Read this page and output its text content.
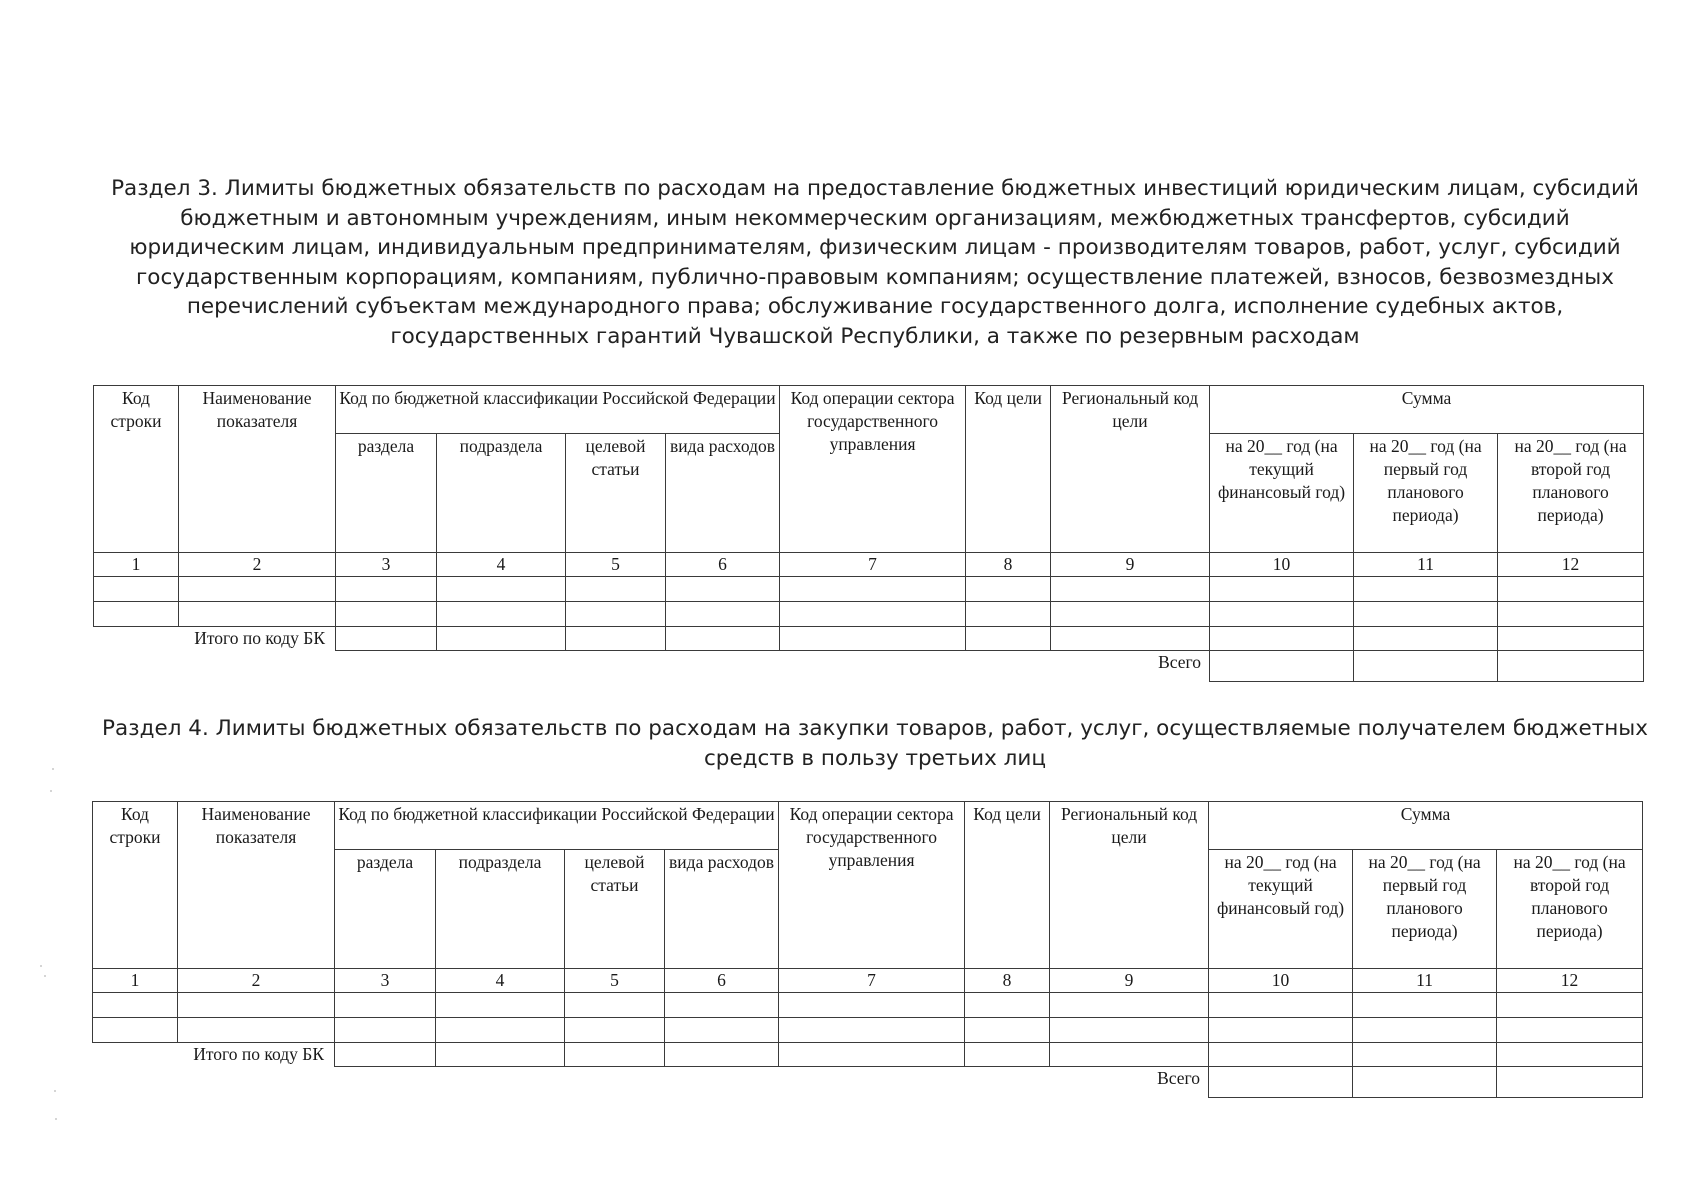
Раздел 3. Лимиты бюджетных обязательств по расходам на предоставление бюджетных инвестиций юридическим лицам, субсидий бюджетным и автономным учреждениям, иным некоммерческим организациям, межбюджетных трансфертов, субсидий юридическим лицам, индивидуальным предпринимателям, физическим лицам - производителям товаров, работ, услуг, субсидий государственным корпорациям, компаниям, публично-правовым компаниям; осуществление платежей, взносов, безвозмездных перечислений субъектам международного права; обслуживание государственного долга, исполнение судебных актов, государственных гарантий Чувашской Республики, а также по резервным расходам
Код строки	Наименование показателя	Код по бюджетной классификации Российской Федерации				Код операции сектора государственного управления	Код цели	Региональный код цели	Сумма		
		раздела	подраздела	целевой статьи	вида расходов				на 20__ год (на текущий финансовый год)	на 20__ год (на первый год планового периода)	на 20__ год (на второй год планового периода)
1	2	3	4	5	6	7	8	9	10	11	12

Итого по коду БК											
Всего											
Раздел 4. Лимиты бюджетных обязательств по расходам на закупки товаров, работ, услуг, осуществляемые получателем бюджетных средств в пользу третьих лиц
Код строки	Наименование показателя	Код по бюджетной классификации Российской Федерации				Код операции сектора государственного управления	Код цели	Региональный код цели	Сумма		
		раздела	подраздела	целевой статьи	вида расходов				на 20__ год (на текущий финансовый год)	на 20__ год (на первый год планового периода)	на 20__ год (на второй год планового периода)
1	2	3	4	5	6	7	8	9	10	11	12

Итого по коду БК											
Всего											
